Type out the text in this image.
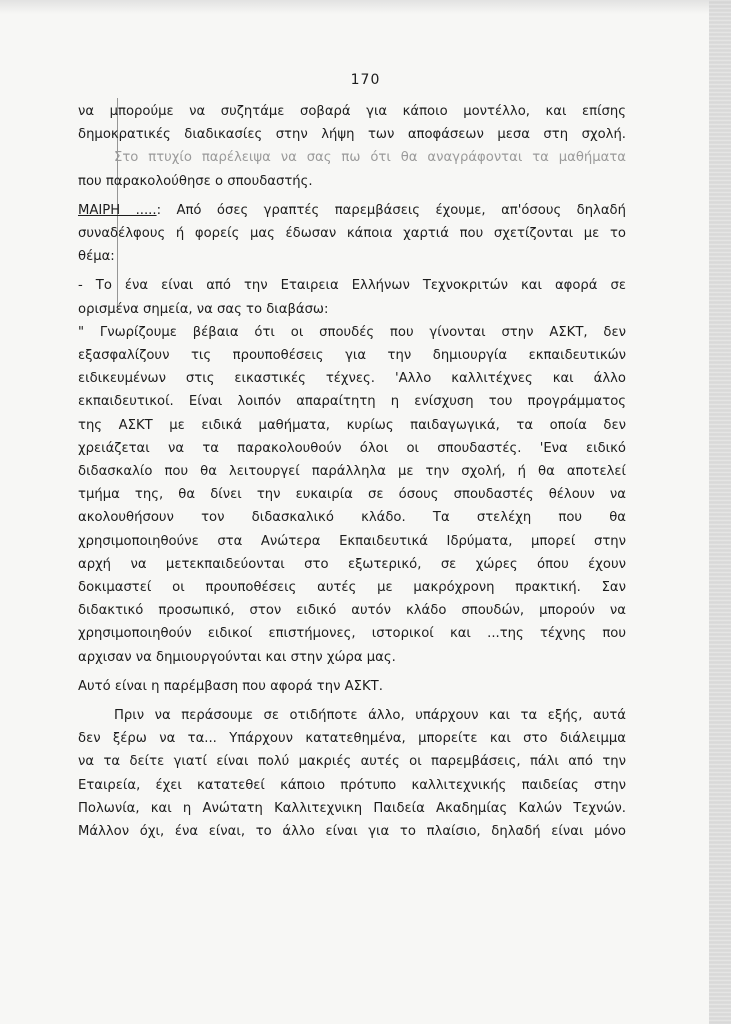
170
να μπορούμε να συζητάμε σοβαρά για κάποιο μοντέλλο, και επίσης
δημοκρατικές διαδικασίες στην λήψη των αποφάσεων μεσα στη σχολή.
Στο πτυχίο παρέλειψα να σας πω ότι θα αναγράφονται τα μαθήματα
που παρακολούθησε ο σπουδαστής.
ΜΑΙΡΗ .....: Από όσες γραπτές παρεμβάσεις έχουμε, απ'όσους δηλαδή
συναδέλφους ή φορείς μας έδωσαν κάποια χαρτιά που σχετίζονται με το
θέμα:
- Το ένα είναι από την Εταιρεια Ελλήνων Τεχνοκριτών και αφορά σε
ορισμένα σημεία, να σας το διαβάσω:
" Γνωρίζουμε βέβαια ότι οι σπουδές που γίνονται στην ΑΣΚΤ, δεν
εξασφαλίζουν τις προυποθέσεις για την δημιουργία εκπαιδευτικών
ειδικευμένων στις εικαστικές τέχνες. 'Αλλο καλλιτέχνες και άλλο
εκπαιδευτικοί. Είναι λοιπόν απαραίτητη η ενίσχυση του προγράμματος
της ΑΣΚΤ με ειδικά μαθήματα, κυρίως παιδαγωγικά, τα οποία δεν
χρειάζεται να τα παρακολουθούν όλοι οι σπουδαστές. 'Ενα ειδικό
διδασκαλίο που θα λειτουργεί παράλληλα με την σχολή, ή θα αποτελεί
τμήμα της, θα δίνει την ευκαιρία σε όσους σπουδαστές θέλουν να
ακολουθήσουν τον διδασκαλικό κλάδο. Τα στελέχη που θα
χρησιμοποιηθούνε στα Ανώτερα Εκπαιδευτικά Ιδρύματα, μπορεί στην
αρχή να μετεκπαιδεύονται στο εξωτερικό, σε χώρες όπου έχουν
δοκιμαστεί οι προυποθέσεις αυτές με μακρόχρονη πρακτική. Σαν
διδακτικό προσωπικό, στον ειδικό αυτόν κλάδο σπουδών, μπορούν να
χρησιμοποιηθούν ειδικοί επιστήμονες, ιστορικοί και ...της τέχνης που
αρχισαν να δημιουργούνται και στην χώρα μας.
Αυτό είναι η παρέμβαση που αφορά την ΑΣΚΤ.
Πριν να περάσουμε σε οτιδήποτε άλλο, υπάρχουν και τα εξής, αυτά
δεν ξέρω να τα... Υπάρχουν κατατεθημένα, μπορείτε και στο διάλειμμα
να τα δείτε γιατί είναι πολύ μακριές αυτές οι παρεμβάσεις, πάλι από την
Εταιρεία, έχει κατατεθεί κάποιο πρότυπο καλλιτεχνικής παιδείας στην
Πολωνία, και η Ανώτατη Καλλιτεχνικη Παιδεία Ακαδημίας Καλών Τεχνών.
Μάλλον όχι, ένα είναι, το άλλο είναι για το πλαίσιο, δηλαδή είναι μόνο
